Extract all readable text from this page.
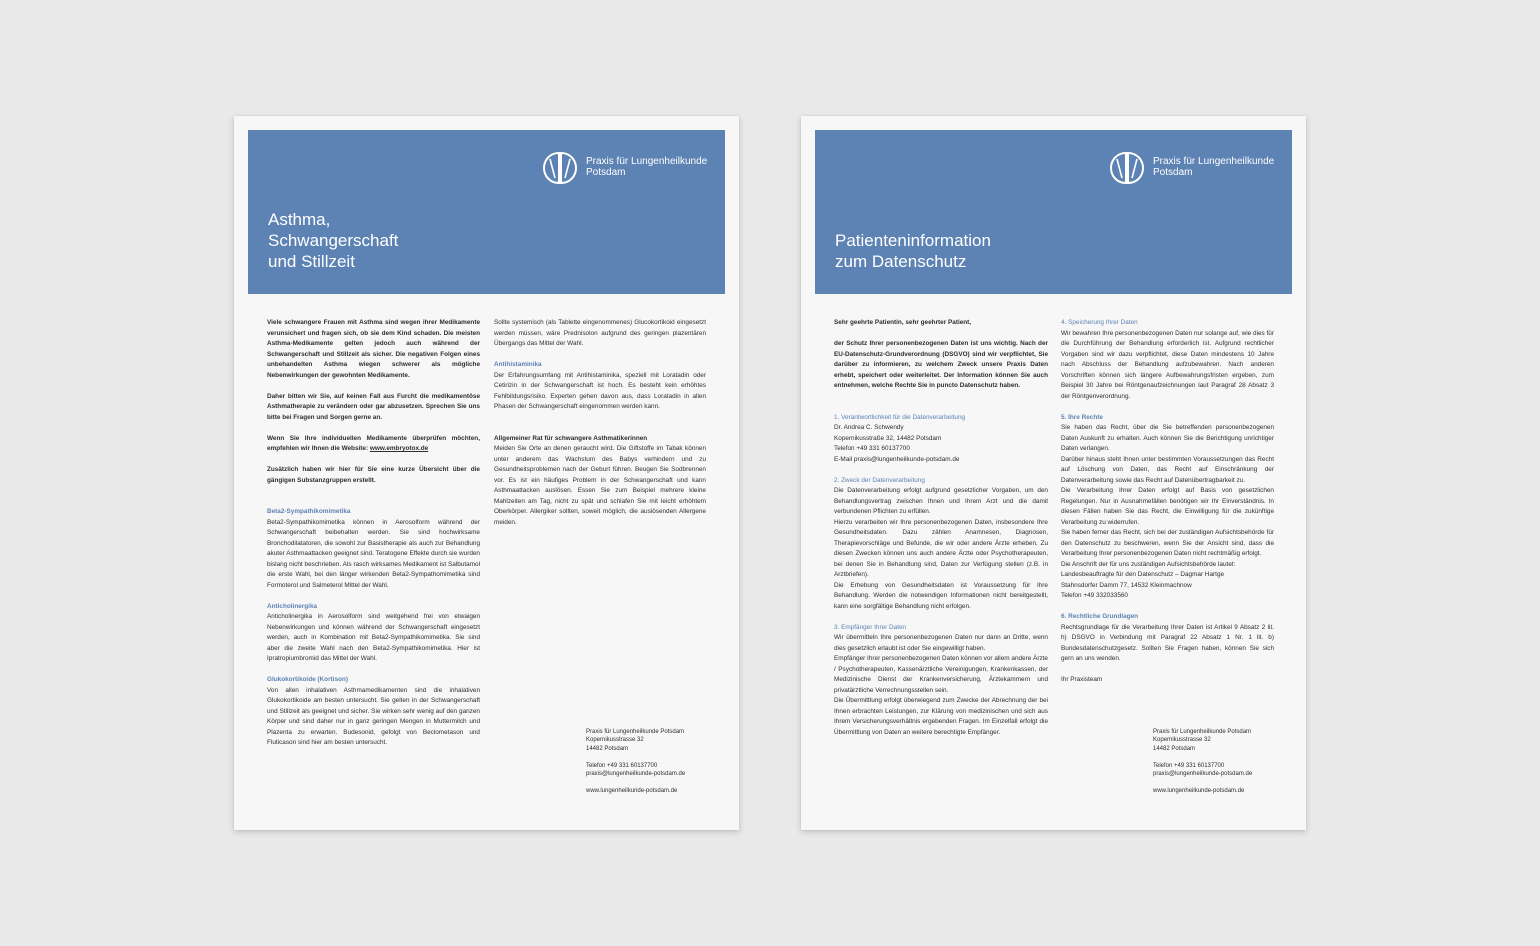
Praxis für Lungenheilkunde
Potsdam
Asthma,
Schwangerschaft
und Stillzeit

Viele schwangere Frauen mit Asthma sind wegen ihrer Medikamente verunsichert und fragen sich, ob sie dem Kind schaden. Die meisten Asthma-Medikamente gelten jedoch auch während der Schwangerschaft und Stillzeit als sicher. Die negativen Folgen eines unbehandelten Asthma wiegen schwerer als mögliche Nebenwirkungen der gewohnten Medikamente.

Daher bitten wir Sie, auf keinen Fall aus Furcht die medikamentöse Asthmatherapie zu verändern oder gar abzusetzen. Sprechen Sie uns bitte bei Fragen und Sorgen gerne an.

Wenn Sie Ihre individuellen Medikamente überprüfen möchten, empfehlen wir Ihnen die Website: www.embryotox.de

Zusätzlich haben wir hier für Sie eine kurze Übersicht über die gängigen Substanzgruppen erstellt.

Beta2-Sympathikomimetika

Beta2-Sympathikomimetika können in Aerosolform während der Schwangerschaft beibehalten werden. Sie sind hochwirksame Bronchodilatatoren, die sowohl zur Basistherapie als auch zur Behandlung akuter Asthmaattacken geeignet sind. Teratogene Effekte durch sie wurden bislang nicht beschrieben. Als rasch wirksames Medikament ist Salbutamol die erste Wahl, bei den länger wirkenden Beta2-Sympathomimetika sind Formoterol und Salmeterol Mittel der Wahl.

Anticholinergika

Anticholinergika in Aerosolform sind weitgehend frei von etwaigen Nebenwirkungen und können während der Schwangerschaft eingesetzt werden, auch in Kombination mit Beta2-Sympathikomimetika. Sie sind aber die zweite Wahl nach den Beta2-Sympathikomimetika. Hier ist Ipratropiumbromid das Mittel der Wahl.

Glukokortikoide (Kortison)

Von allen inhalativen Asthmamedikamenten sind die inhalativen Glukokortikoide am besten untersucht. Sie gelten in der Schwangerschaft und Stillzeit als geeignet und sicher. Sie wirken sehr wenig auf den ganzen Körper und sind daher nur in ganz geringen Mengen in Muttermilch und Plazenta zu erwarten. Budesonid, gefolgt von Beclometason und Fluticason sind hier am besten untersucht.

Sollte systemisch (als Tablette eingenommenes) Glucokortikoid eingesetzt werden müssen, wäre Prednisolon aufgrund des geringen plazentären Übergangs das Mittel der Wahl.

Antihistaminika

Der Erfahrungsumfang mit Antihistaminika, speziell mit Loratadin oder Cetirizin in der Schwangerschaft ist hoch. Es besteht kein erhöhtes Fehlbildungsrisiko. Experten gehen davon aus, dass Loratadin in allen Phasen der Schwangerschaft eingenommen werden kann.

Allgemeiner Rat für schwangere Asthmatikerinnen

Meiden Sie Orte an denen geraucht wird. Die Giftstoffe im Tabak können unter anderem das Wachstum des Babys verhindern und zu Gesundheitsproblemen nach der Geburt führen. Beugen Sie Sodbrennen vor. Es ist ein häufiges Problem in der Schwangerschaft und kann Asthmaattacken auslösen. Essen Sie zum Beispiel mehrere kleine Mahlzeiten am Tag, nicht zu spät und schlafen Sie mit leicht erhöhtem Oberkörper. Allergiker sollten, soweit möglich, die auslösenden Allergene meiden.

Praxis für Lungenheilkunde Potsdam
Kopernikusstrasse 32
14482 Potsdam
Telefon +49 331 60137700
praxis@lungenheilkunde-potsdam.de
www.lungenheilkunde-potsdam.de
Praxis für Lungenheilkunde
Potsdam
Patienteninformation
zum Datenschutz

Sehr geehrte Patientin, sehr geehrter Patient,

der Schutz Ihrer personenbezogenen Daten ist uns wichtig. Nach der EU-Datenschutz-Grundverordnung (DSGVO) sind wir verpflichtet, Sie darüber zu informieren, zu welchem Zweck unsere Praxis Daten erhebt, speichert oder weiterleitet. Der Information können Sie auch entnehmen, welche Rechte Sie in puncto Datenschutz haben.

1. Verantwortlichkeit für die Datenverarbeitung

Dr. Andrea C. Schwendy
Kopernikusstraße 32, 14482 Potsdam
Telefon +49 331 60137700

E-Mail praxis@lungenheilkunde-potsdam.de

2. Zweck der Datenverarbeitung

Die Datenverarbeitung erfolgt aufgrund gesetzlicher Vorgaben, um den Behandlungsvertrag zwischen Ihnen und Ihrem Arzt und die damit verbundenen Pflichten zu erfüllen.
Hierzu verarbeiten wir Ihre personenbezogenen Daten, insbesondere Ihre Gesundheitsdaten. Dazu zählen Anamnesen, Diagnosen, Therapievorschläge und Befunde, die wir oder andere Ärzte erheben. Zu diesen Zwecken können uns auch andere Ärzte oder Psychotherapeuten, bei denen Sie in Behandlung sind, Daten zur Verfügung stellen (z.B. in Arztbriefen).

Die Erhebung von Gesundheitsdaten ist Voraussetzung für Ihre Behandlung. Werden die notwendigen Informationen nicht bereitgestellt, kann eine sorgfältige Behandlung nicht erfolgen.

3. Empfänger Ihrer Daten

Wir übermitteln Ihre personenbezogenen Daten nur dann an Dritte, wenn dies gesetzlich erlaubt ist oder Sie eingewilligt haben.
Empfänger Ihrer personenbezogenen Daten können vor allem andere Ärzte / Psychotherapeuten, Kassenärztliche Vereinigungen, Krankenkassen, der Medizinische Dienst der Krankenversicherung, Ärztekammern und privatärztliche Verrechnungsstellen sein.
Die Übermittlung erfolgt überwiegend zum Zwecke der Abrechnung der bei Ihnen erbrachten Leistungen, zur Klärung von medizinischen und sich aus Ihrem Versicherungsverhältnis ergebenden Fragen. Im Einzelfall erfolgt die Übermittlung von Daten an weitere berechtigte Empfänger.

4. Speicherung Ihrer Daten

Wir bewahren Ihre personenbezogenen Daten nur solange auf, wie dies für die Durchführung der Behandlung erforderlich ist. Aufgrund rechtlicher Vorgaben sind wir dazu verpflichtet, diese Daten mindestens 10 Jahre nach Abschluss der Behandlung aufzubewahren. Nach anderen Vorschriften können sich längere Aufbewahrungsfristen ergeben, zum Beispiel 30 Jahre bei Röntgenaufzeichnungen laut Paragraf 28 Absatz 3 der Röntgenverordnung.

5. Ihre Rechte

Sie haben das Recht, über die Sie betreffenden personenbezogenen Daten Auskunft zu erhalten. Auch können Sie die Berichtigung unrichtiger Daten verlangen.
Darüber hinaus steht Ihnen unter bestimmten Voraussetzungen das Recht auf Löschung von Daten, das Recht auf Einschränkung der Datenverarbeitung sowie das Recht auf Datenübertragbarkeit zu.
Die Verarbeitung Ihrer Daten erfolgt auf Basis von gesetzlichen Regelungen. Nur in Ausnahmefällen benötigen wir Ihr Einverständnis. In diesen Fällen haben Sie das Recht, die Einwilligung für die zukünftige Verarbeitung zu widerrufen.
Sie haben ferner das Recht, sich bei der zuständigen Aufsichtsbehörde für den Datenschutz zu beschweren, wenn Sie der Ansicht sind, dass die Verarbeitung Ihrer personenbezogenen Daten nicht rechtmäßig erfolgt.
Die Anschrift der für uns zuständigen Aufsichtsbehörde lautet:
Landesbeauftragte für den Datenschutz – Dagmar Hartge
Stahnsdorfer Damm 77, 14532 Kleinmachnow

Telefon +49 332033560

6. Rechtliche Grundlagen

Rechtsgrundlage für die Verarbeitung Ihrer Daten ist Artikel 9 Absatz 2 lit. h) DSGVO in Verbindung mit Paragraf 22 Absatz 1 Nr. 1 lit. b) Bundesdatenschutzgesetz. Sollten Sie Fragen haben, können Sie sich gern an uns wenden.

Ihr Praxisteam

Praxis für Lungenheilkunde Potsdam
Kopernikusstrasse 32
14482 Potsdam
Telefon +49 331 60137700
praxis@lungenheilkunde-potsdam.de
www.lungenheilkunde-potsdam.de
